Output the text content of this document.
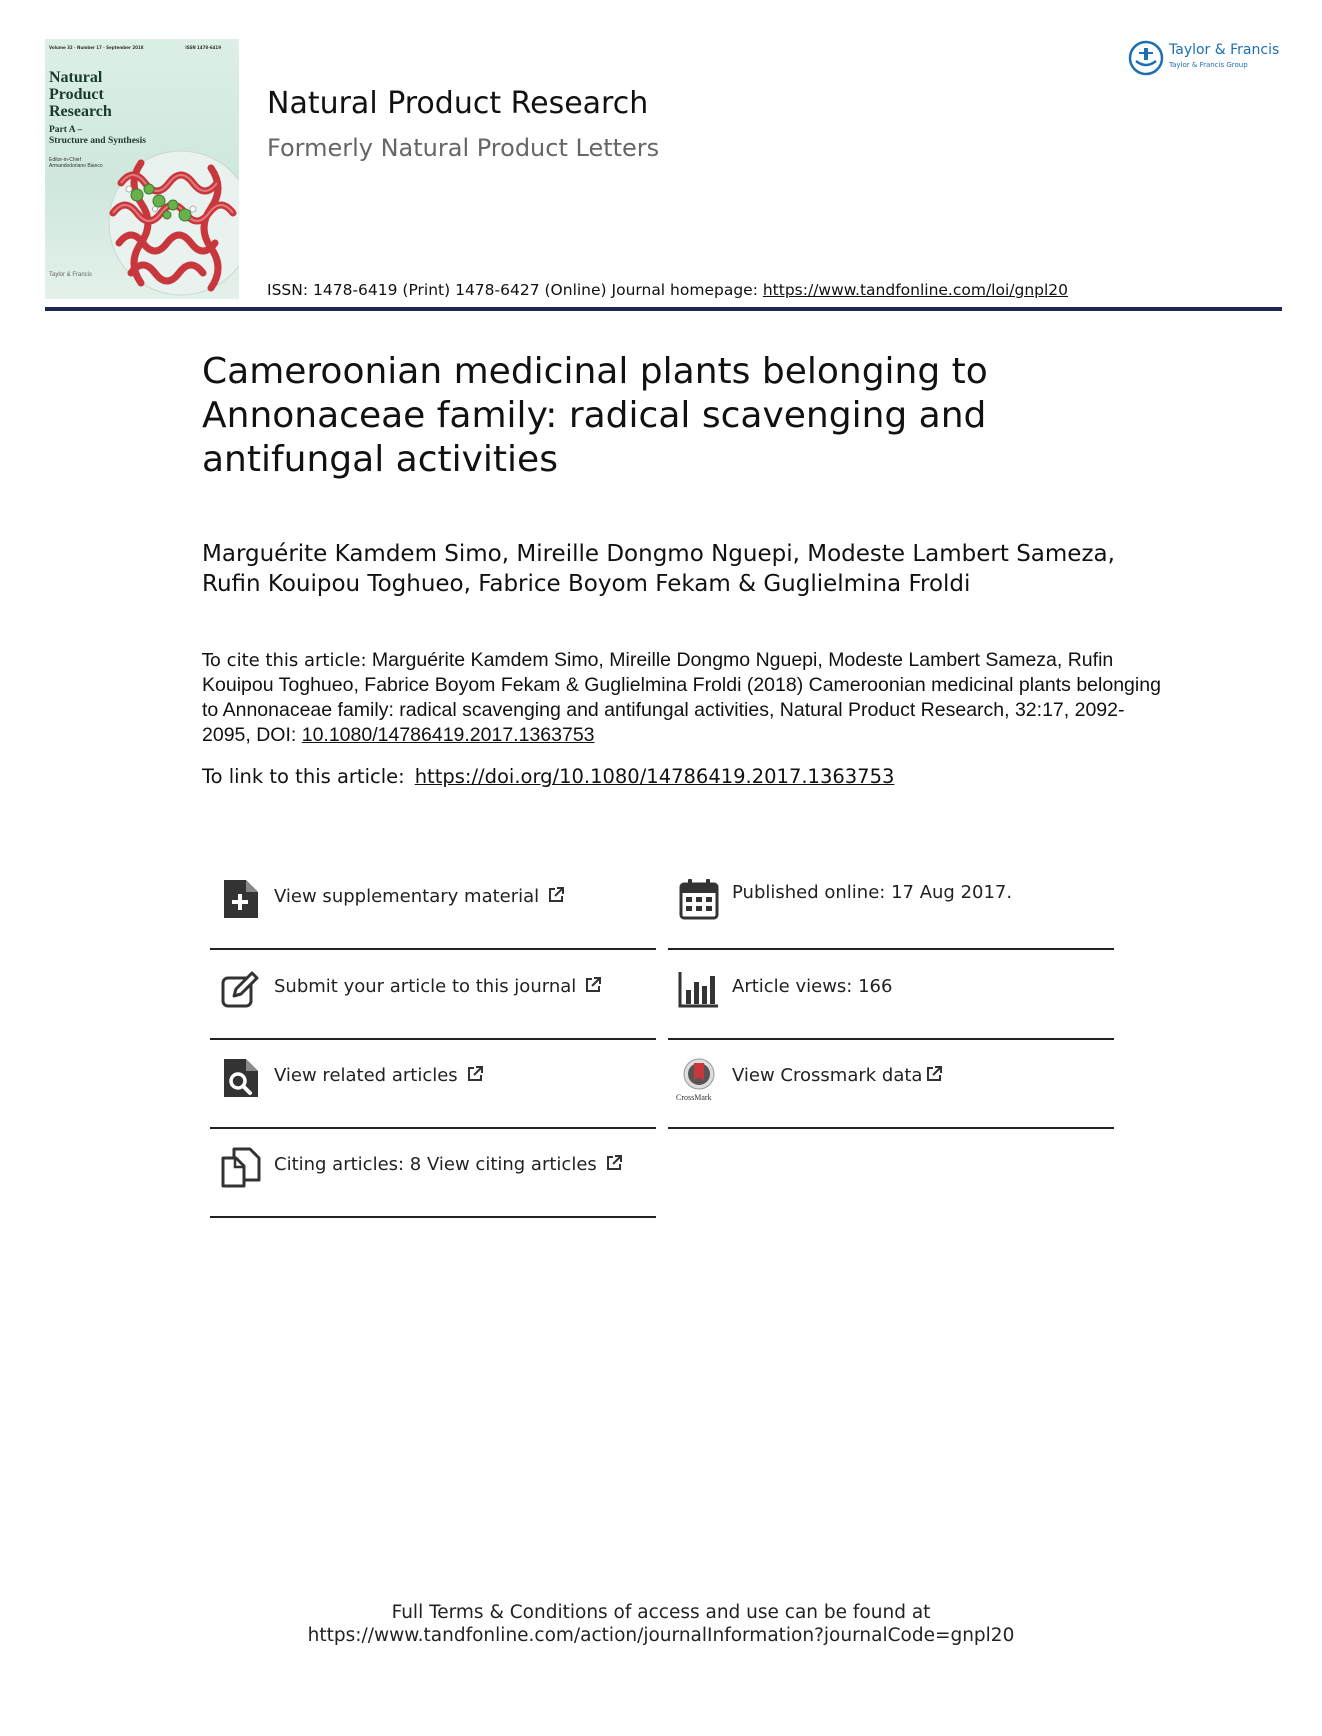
Volume 32 · Number 17 · September 2018	ISSN 1478-6419
Natural
Product
Research
Part A –
Structure and Synthesis
Editor-in-Chief
Armandodoriano Bianco
Taylor & Francis
Natural Product Research
Formerly Natural Product Letters
ISSN: 1478-6419 (Print) 1478-6427 (Online) Journal homepage: https://www.tandfonline.com/loi/gnpl20
Taylor & Francis
Taylor & Francis Group
Cameroonian medicinal plants belonging to Annonaceae family: radical scavenging and antifungal activities
Marguérite Kamdem Simo, Mireille Dongmo Nguepi, Modeste Lambert Sameza, Rufin Kouipou Toghueo, Fabrice Boyom Fekam & Guglielmina Froldi
To cite this article: Marguérite Kamdem Simo, Mireille Dongmo Nguepi, Modeste Lambert Sameza, Rufin Kouipou Toghueo, Fabrice Boyom Fekam & Guglielmina Froldi (2018) Cameroonian medicinal plants belonging to Annonaceae family: radical scavenging and antifungal activities, Natural Product Research, 32:17, 2092-2095, DOI: 10.1080/14786419.2017.1363753
To link to this article: https://doi.org/10.1080/14786419.2017.1363753
View supplementary material
Submit your article to this journal
View related articles
Citing articles: 8 View citing articles
Published online: 17 Aug 2017.
Article views: 166
CrossMark
View Crossmark data
Full Terms & Conditions of access and use can be found at
https://www.tandfonline.com/action/journalInformation?journalCode=gnpl20
